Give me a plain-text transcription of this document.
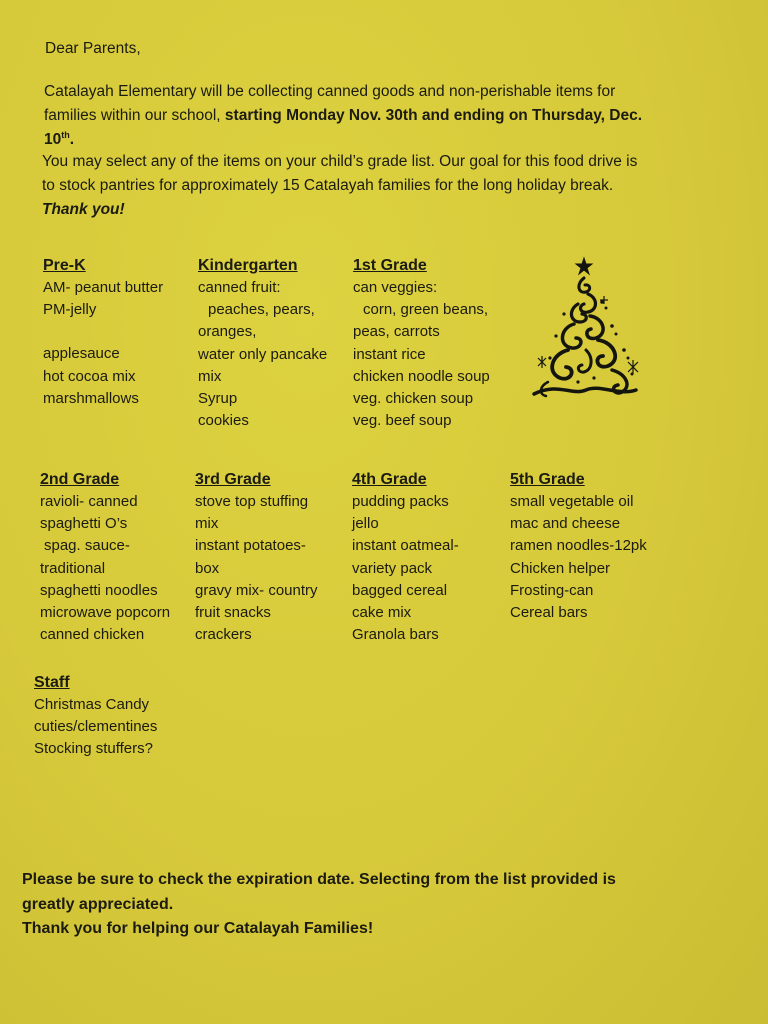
Dear Parents,

Catalayah Elementary will be collecting canned goods and non-perishable items for
families within our school, starting Monday Nov. 30th and ending on Thursday, Dec.
10th.

You may select any of the items on your child’s grade list. Our goal for this food drive is
to stock pantries for approximately 15 Catalayah families for the long holiday break.
Thank you!

Pre-K
AM- peanut butter
PM-jelly
applesauce
hot cocoa mix
marshmallows
Kindergarten
canned fruit:
peaches, pears,
oranges,
water only pancake
mix
Syrup
cookies
1st Grade
can veggies:
corn, green beans,
peas, carrots
instant rice
chicken noodle soup
veg. chicken soup
veg. beef soup
2nd Grade
ravioli- canned
spaghetti O’s
spag. sauce-
traditional
spaghetti noodles
microwave popcorn
canned chicken
3rd Grade
stove top stuffing
mix
instant potatoes-
box
gravy mix- country
fruit snacks
crackers
4th Grade
pudding packs
jello
instant oatmeal-
variety pack
bagged cereal
cake mix
Granola bars
5th Grade
small vegetable oil
mac and cheese
ramen noodles-12pk
Chicken helper
Frosting-can
Cereal bars
Staff
Christmas Candy
cuties/clementines
Stocking stuffers?
Please be sure to check the expiration date. Selecting from the list provided is
greatly appreciated.
Thank you for helping our Catalayah Families!
